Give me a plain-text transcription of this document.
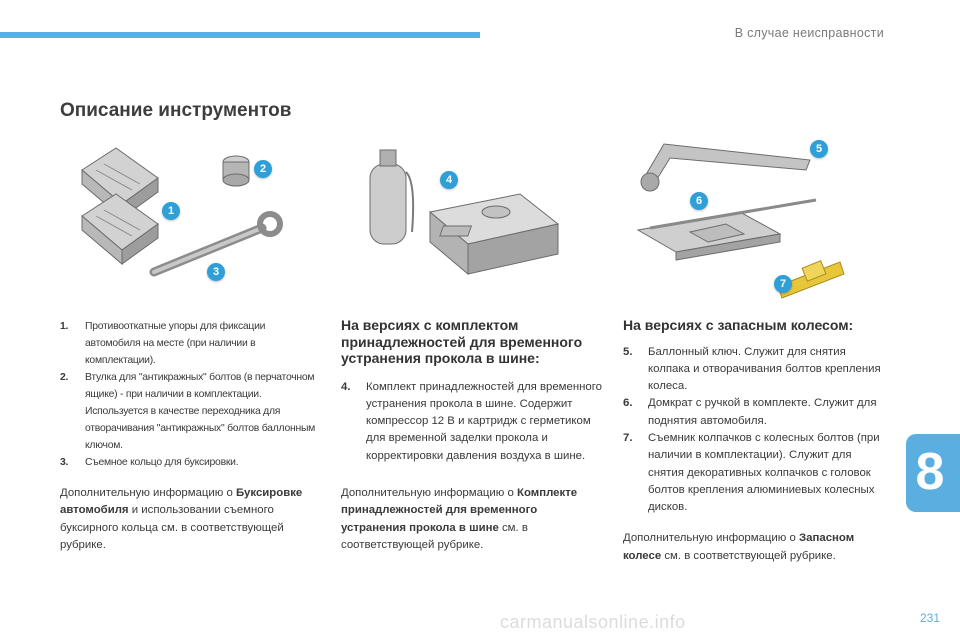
В случае неисправности
Описание инструментов
1
2
3
4
5
6
7
1. Противооткатные упоры для фиксации автомобиля на месте (при наличии в комплектации).
2. Втулка для "антикражных" болтов (в перчаточном ящике) - при наличии в комплектации. Используется в качестве переходника для отворачивания "антикражных" болтов баллонным ключом.
3. Съемное кольцо для буксировки.

Дополнительную информацию о Буксировке автомобиля и использовании съемного буксирного кольца см. в соответствующей рубрике.

На версиях с комплектом принадлежностей для временного устранения прокола в шине:
4. Комплект принадлежностей для временного устранения прокола в шине. Содержит компрессор 12 В и картридж с герметиком для временной заделки прокола и корректировки давления воздуха в шине.

Дополнительную информацию о Комплекте принадлежностей для временного устранения прокола в шине см. в соответствующей рубрике.

На версиях с запасным колесом:
5. Баллонный ключ. Служит для снятия колпака и отворачивания болтов крепления колеса.
6. Домкрат с ручкой в комплекте. Служит для поднятия автомобиля.
7. Съемник колпачков с колесных болтов (при наличии в комплектации). Служит для снятия декоративных колпачков с головок болтов крепления алюминиевых колесных дисков.

Дополнительную информацию о Запасном колесе см. в соответствующей рубрике.

8
carmanualsonline.info	231
